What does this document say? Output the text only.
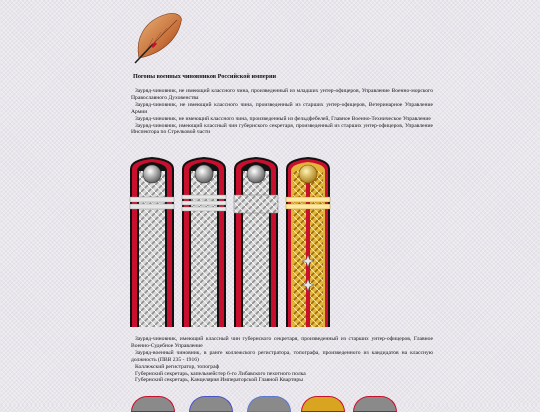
Погоны военных чиновников Российской империи

Зауряд-чиновник, не имеющий классного чина, произведенный из младших унтер-офицеров, Управление Военно-морского Православного Духовенства

Зауряд-чиновник, не имеющий классного чина, произведенный из старших унтер-офицеров, Ветеринарное Управление Армии

Зауряд-чиновник, не имеющий классного чина, произведенный из фельдфебелей, Главное Военно-Техническое Управление

Зауряд-чиновник, имеющий классный чин губернского секретаря, произведенный из старших унтер-офицеров, Управление Инспектора по Стрелковой части

Зауряд-чиновник, имеющий классный чин губернского секретаря, произведенный из старших унтер-офицеров, Главное Военно-Судебное Управление

Зауряд-военный чиновник, в ранге коллежского регистратора, топографа, произведенного из кандидатов на классную должность (ПВВ 235 - 1916)

Коллежский регистратор, топограф

Губернский секретарь, капельмейстер 6-го Либавского пехотного полка

Губернский секретарь, Канцелярия Императорской Главной Квартиры
